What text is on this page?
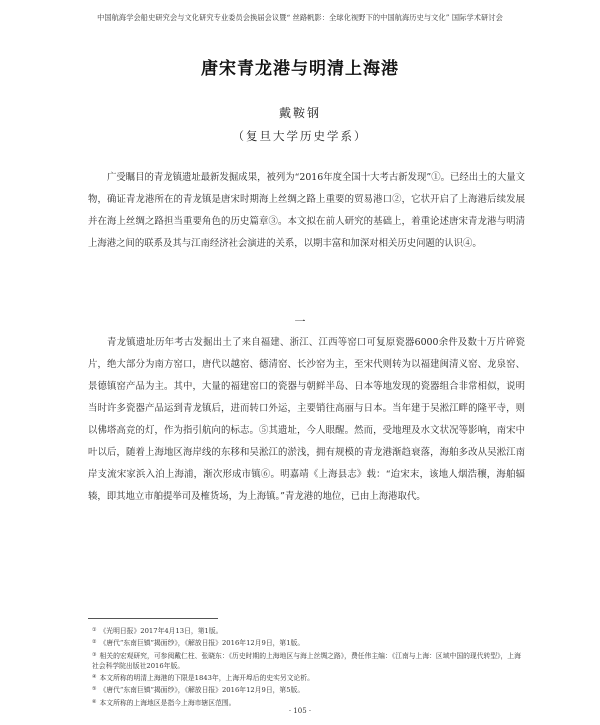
中国航海学会船史研究会与文化研究专业委员会换届会议暨“ 丝路帆影：全球化视野下的中国航海历史与文化” 国际学术研讨会
唐宋青龙港与明清上海港
戴鞍钢
（复旦大学历史学系）

广受瞩目的青龙镇遗址最新发掘成果，被列为“2016年度全国十大考古新发现”①。已经出土的大量文物，确证青龙港所在的青龙镇是唐宋时期海上丝绸之路上重要的贸易港口②，它状开启了上海港后续发展并在海上丝绸之路担当重要角色的历史篇章③。本文拟在前人研究的基础上，着重论述唐宋青龙港与明清上海港之间的联系及其与江南经济社会演进的关系，以期丰富和加深对相关历史问题的认识④。

一

青龙镇遗址历年考古发掘出土了来自福建、浙江、江西等窑口可复原瓷器6000余件及数十万片碎瓷片，绝大部分为南方窑口，唐代以越窑、德清窑、长沙窑为主，至宋代则转为以福建闽清义窑、龙泉窑、景德镇窑产品为主。其中，大量的福建窑口的瓷器与朝鲜半岛、日本等地发现的瓷器组合非常相似，说明当时许多瓷器产品运到青龙镇后，进而转口外运，主要销往高丽与日本。当年建于吴淞江畔的隆平寺，则以佛塔高竞的灯，作为指引航向的标志。⑤其遗址，今人眼醒。然而，受地理及水文状况等影响，南宋中叶以后，随着上海地区海岸线的东移和吴淞江的淤浅，拥有规模的青龙港渐趋衰落，海舶多改从吴淞江南岸支流宋家浜入泊上海浦，渐次形成市镇⑥。明嘉靖《上海县志》载：“迨宋末，该地人烟浩穰，海舶辐辏，即其地立市舶提举司及榷货场，为上海镇。”青龙港的地位，已由上海港取代。

① 《光明日报》2017年4月13日，第1版。
② 《唐代“东南巨镇”揭面纱》，《解放日报》2016年12月9日，第1版。
③ 相关的宏观研究，可参阅戴仁柱、张晓东：《历史时期的上海地区与海上丝绸之路》，费任伟主编：《江南与上海：区域中国的现代转型》，上海社会科学院出版社2016年版。
④ 本文所称的明清上海港的下限是1843年，上海开埠后的史实另文论析。
⑤ 《唐代“东南巨镇”揭面纱》，《解放日报》2016年12月9日，第5版。
⑥ 本文所称的上海地区是指今上海市辖区范围。
· 105 ·
